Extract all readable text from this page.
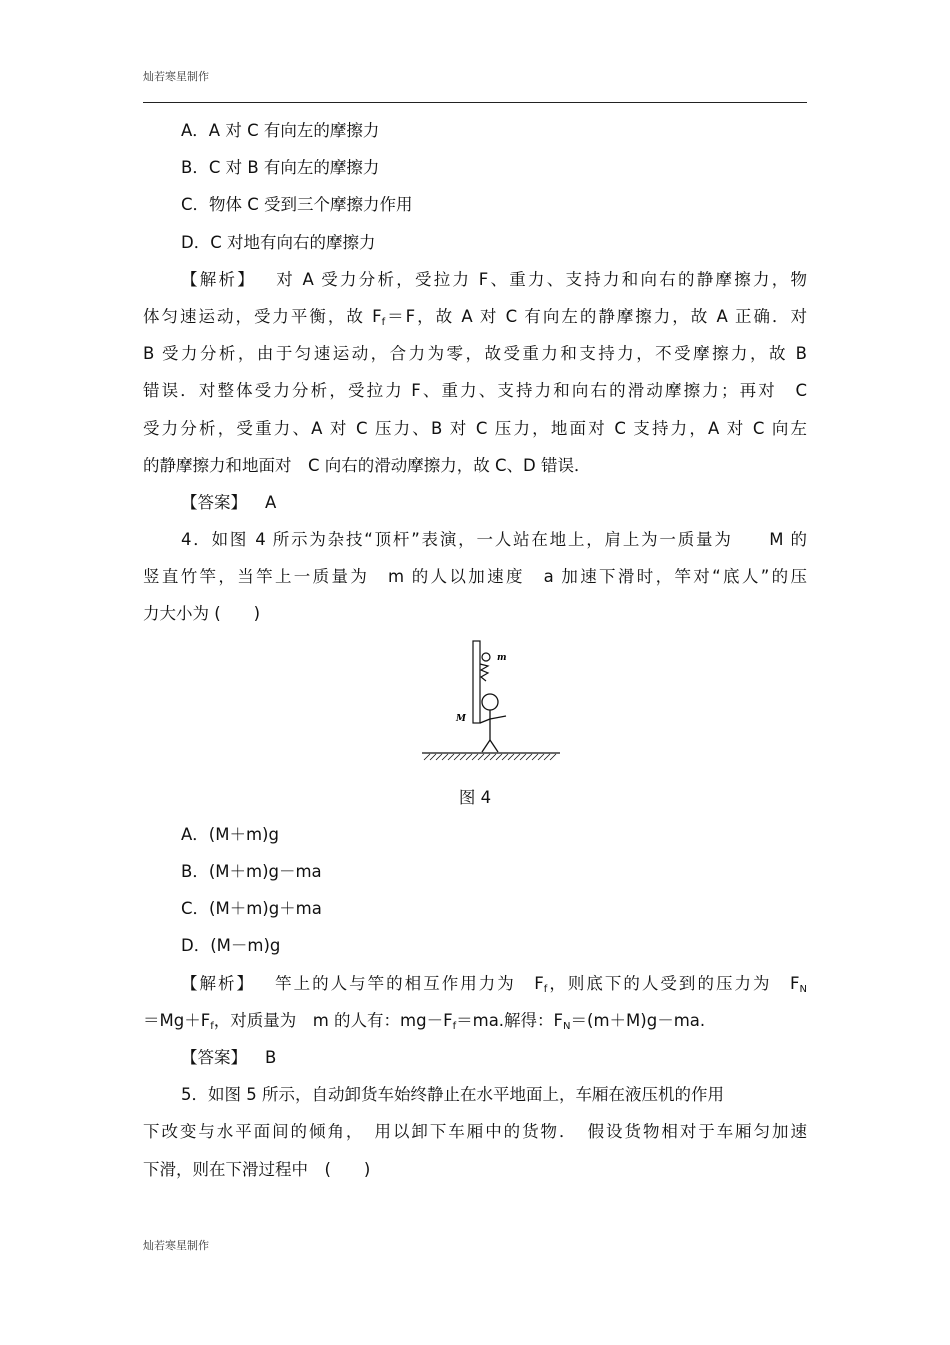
灿若寒星制作
A．A 对 C 有向左的摩擦力
B．C 对 B 有向左的摩擦力
C．物体 C 受到三个摩擦力作用
D．C 对地有向右的摩擦力
【解析】 对 A 受力分析，受拉力 F、重力、支持力和向右的静摩擦力，物
体匀速运动，受力平衡，故 $F_f=F$，故 A 对 C 有向左的静摩擦力，故 A 正确．对
B 受力分析，由于匀速运动，合力为零，故受重力和支持力，不受摩擦力，故 B
错误．对整体受力分析，受拉力 F、重力、支持力和向右的滑动摩擦力；再对　C
受力分析，受重力、A 对 C 压力、B 对 C 压力，地面对 C 支持力，A 对 C 向左
的静摩擦力和地面对　C 向右的滑动摩擦力，故 C、D 错误．
【答案】 A
4．如图 4 所示为杂技“顶杆”表演，一人站在地上，肩上为一质量为　　M 的
竖直竹竿，当竿上一质量为　m 的人以加速度　a 加速下滑时，竿对“底人”的压
力大小为 (　　)
m
M
图 4
A．(M＋m)g
B．(M＋m)g－ma
C．(M＋m)g＋ma
D．(M－m)g
【解析】 竿上的人与竿的相互作用力为　$F_f$，则底下的人受到的压力为　$F_N$
$=Mg+F_f$，对质量为　m 的人有：$mg-F_f=ma$.解得：$F_N=(m+M)g-ma$.
【答案】 B
5．如图 5 所示，自动卸货车始终静止在水平地面上，车厢在液压机的作用
下改变与水平面间的倾角，　用以卸下车厢中的货物．　假设货物相对于车厢匀加速
下滑，则在下滑过程中　(　　)
灿若寒星制作
